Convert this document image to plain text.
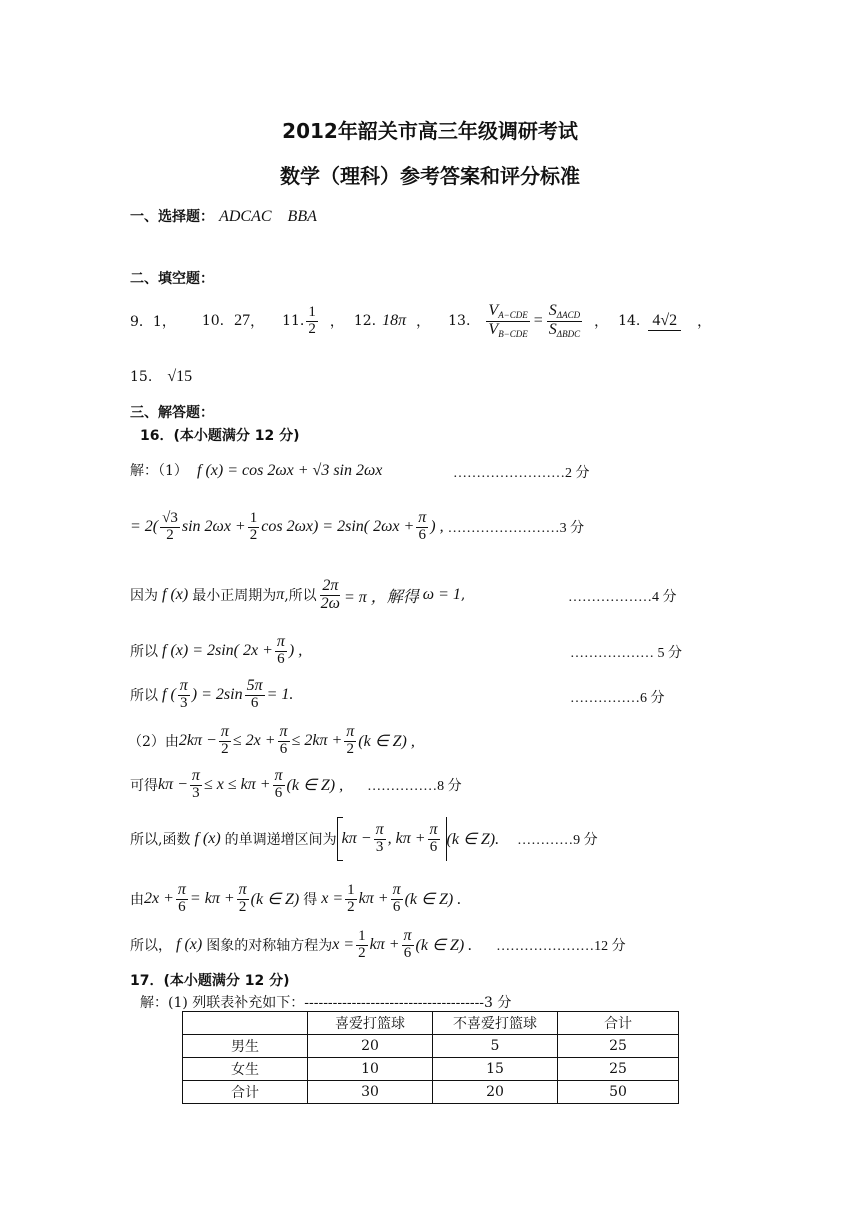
2012年韶关市高三年级调研考试
数学（理科）参考答案和评分标准
一、选择题： ADCAC    BBA
二、填空题：
9．1， 10. 27 ， 11. $\frac{1}{2}$ ， 12. 18π ， 13. $\frac{V_{A-CDE}}{V_{B-CDE}} = \frac{S_{\Delta ACD}}{S_{\Delta BDC}}$ ， 14. 4√2 ，
15. √15
三、解答题：
16．(本小题满分 12 分)
解：（1） f (x) = cos 2ωx + √3 sin 2ωx	……………………2 分
= $2( \frac{√3}{2}$ $\sin 2\omega x + \frac{1}{2}$ cos 2ωx) = 2sin( $2\omega x + \frac{\pi}{6}$ ) , ……………………3 分
因为 f (x) 最小正周期为 π ,所以 $\frac{2\pi}{2\omega} = \pi$ ，解得 ω = 1 ,	………………4 分
所以 f (x) = 2sin( $2x + \frac{\pi}{6}$ ) ,	……………… 5 分
所以 f ( $\frac{\pi}{3}$ ) = $2\sin \frac{5\pi}{6} = 1$.	……………6 分
（2）由 $2k\pi - \frac{\pi}{2} \le 2x + \frac{\pi}{6} \le 2k\pi + \frac{\pi}{2} (k$ ∈ Z) ,
可得 $k\pi - \frac{\pi}{3} \le x \le k\pi + \frac{\pi}{6} (k$ ∈ Z) , ……………8 分
所以,函数 f (x) 的单调递增区间为 $k\pi - \frac{\pi}{3}$ , $k\pi + \frac{\pi}{6} (k$ ∈ Z). …………9 分
由 $2x + \frac{\pi}{6} = k\pi + \frac{\pi}{2} (k$ ∈ Z) 得 $x = \frac{1}{2}$ $k\pi + \frac{\pi}{6} (k$ ∈ Z) .
所以， f (x) 图象的对称轴方程为 $x = \frac{1}{2}$ $k\pi + \frac{\pi}{6} (k$ ∈ Z) . …………………12 分
17．(本小题满分 12 分)
解：(1) 列联表补充如下：--------------------------------------3 分
	喜爱打篮球	不喜爱打篮球	合计
男生	20	5	25
女生	10	15	25
合计	30	20	50
